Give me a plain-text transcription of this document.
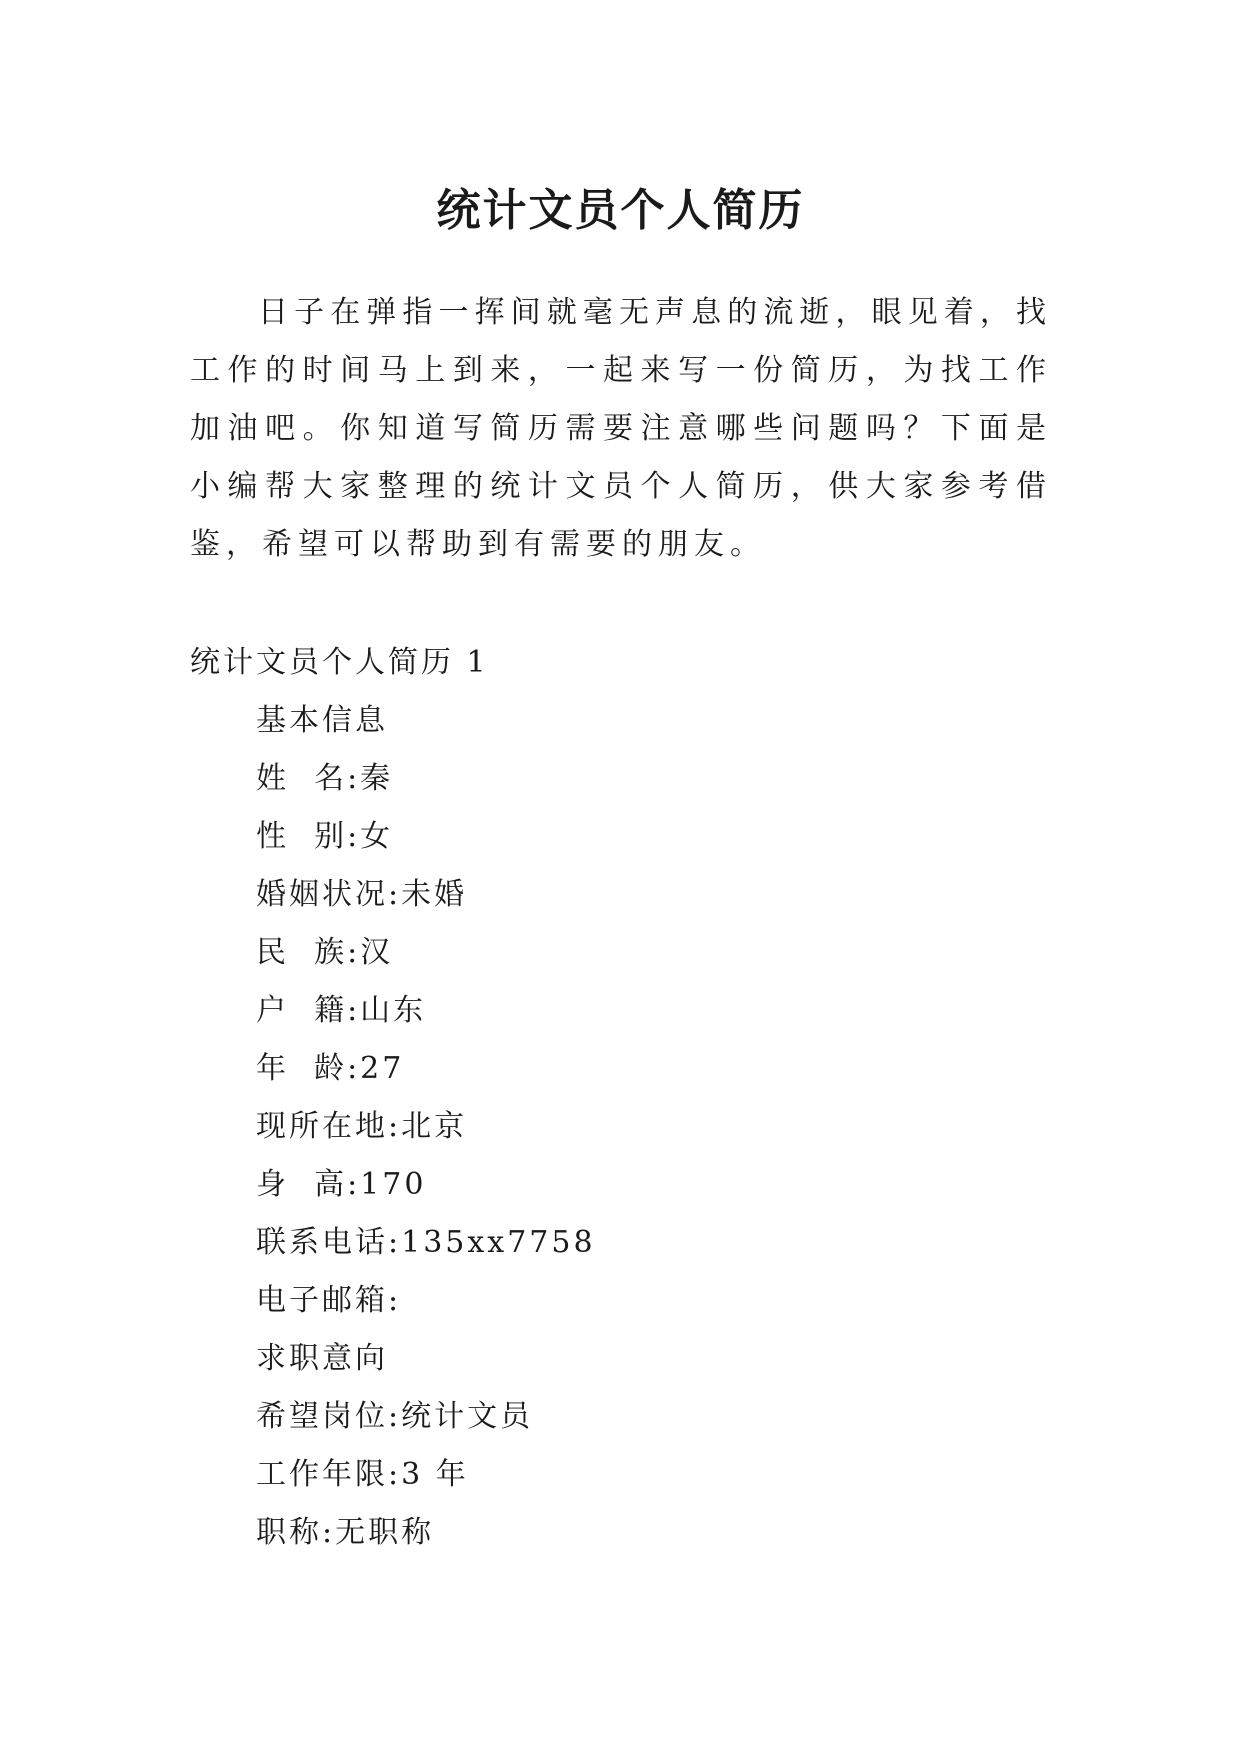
统计文员个人简历

日子在弹指一挥间就毫无声息的流逝，眼见着，找工作的时间马上到来，一起来写一份简历，为找工作加油吧。你知道写简历需要注意哪些问题吗？下面是小编帮大家整理的统计文员个人简历，供大家参考借鉴，希望可以帮助到有需要的朋友。

统计文员个人简历 1

基本信息
姓  名:秦
性  别:女
婚姻状况:未婚
民  族:汉
户  籍:山东
年  龄:27
现所在地:北京
身  高:170
联系电话:135xx7758
电子邮箱:
求职意向
希望岗位:统计文员
工作年限:3 年
职称:无职称
